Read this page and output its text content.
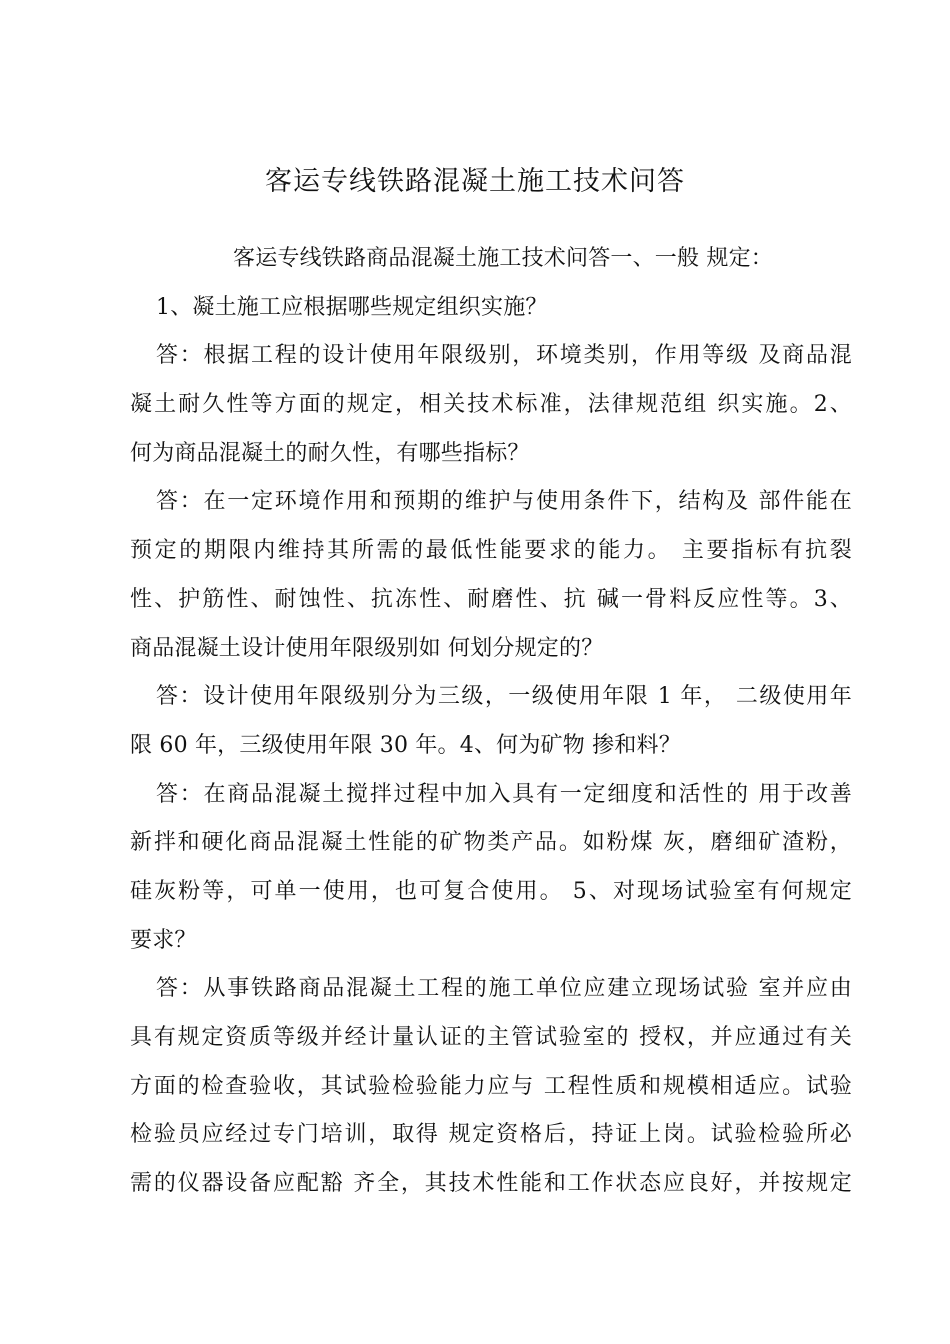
客运专线铁路混凝土施工技术问答
客运专线铁路商品混凝土施工技术问答一、一般 规定：
1、凝土施工应根据哪些规定组织实施？
答：根据工程的设计使用年限级别，环境类别，作用等级 及商品混
凝土耐久性等方面的规定，相关技术标准，法律规范组 织实施。2、
何为商品混凝土的耐久性，有哪些指标？
答：在一定环境作用和预期的维护与使用条件下，结构及 部件能在
预定的期限内维持其所需的最低性能要求的能力。 主要指标有抗裂
性、护筋性、耐蚀性、抗冻性、耐磨性、抗 碱一骨料反应性等。3、
商品混凝土设计使用年限级别如 何划分规定的？
答：设计使用年限级别分为三级，一级使用年限 1 年， 二级使用年
限 60 年，三级使用年限 30 年。4、何为矿物 掺和料？
答：在商品混凝土搅拌过程中加入具有一定细度和活性的 用于改善
新拌和硬化商品混凝土性能的矿物类产品。如粉煤 灰，磨细矿渣粉，
硅灰粉等，可单一使用，也可复合使用。 5、对现场试验室有何规定
要求？
答：从事铁路商品混凝土工程的施工单位应建立现场试验 室并应由
具有规定资质等级并经计量认证的主管试验室的 授权，并应通过有关
方面的检查验收，其试验检验能力应与 工程性质和规模相适应。试验
检验员应经过专门培训，取得 规定资格后，持证上岗。试验检验所必
需的仪器设备应配豁 齐全，其技术性能和工作状态应良好，并按规定
